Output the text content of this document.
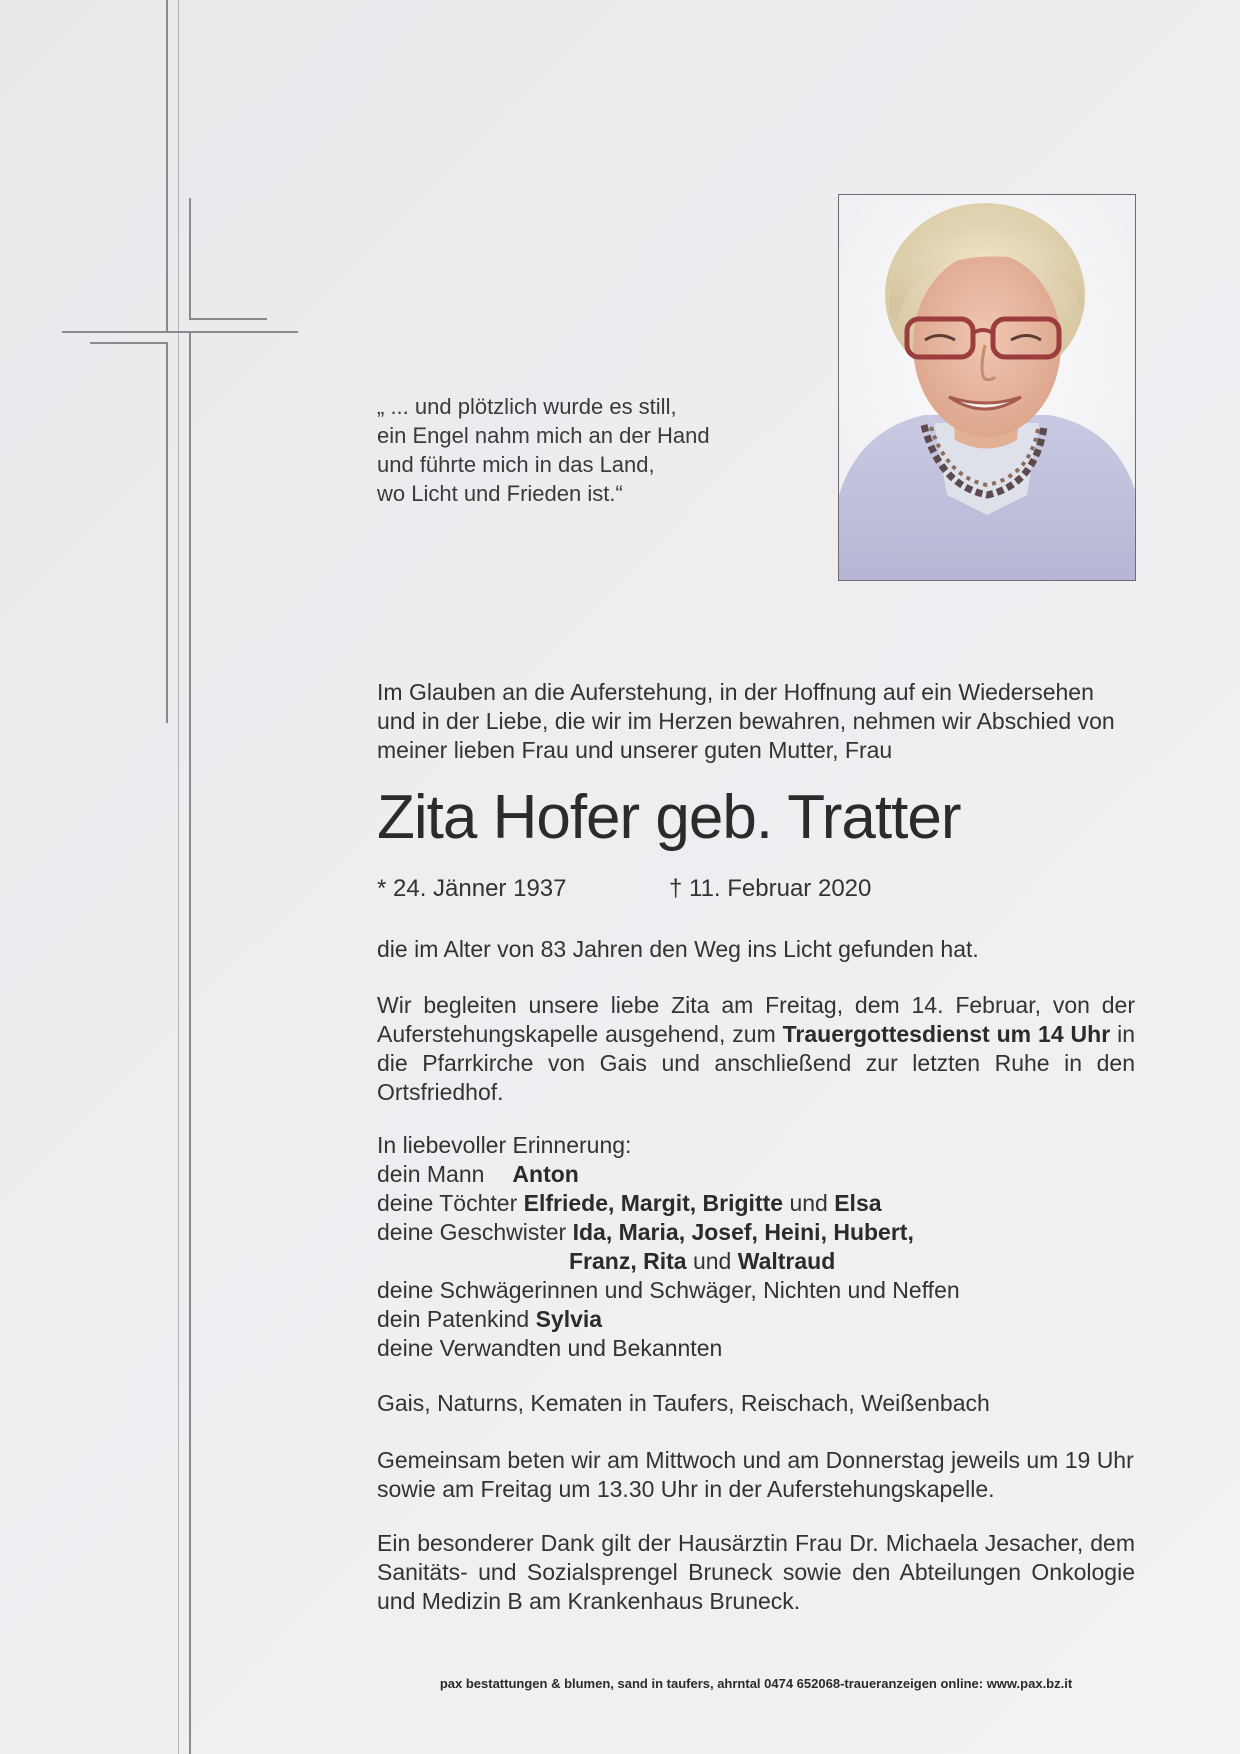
„ ... und plötzlich wurde es still,
ein Engel nahm mich an der Hand
und führte mich in das Land,
wo Licht und Frieden ist.“
Im Glauben an die Auferstehung, in der Hoffnung auf ein Wiedersehen und in der Liebe, die wir im Herzen bewahren, nehmen wir Abschied von meiner lieben Frau und unserer guten Mutter, Frau
Zita Hofer geb. Tratter
* 24. Jänner 1937	† 11. Februar 2020
die im Alter von 83 Jahren den Weg ins Licht gefunden hat.
Wir begleiten unsere liebe Zita am Freitag, dem 14. Februar, von der Auferstehungskapelle ausgehend, zum Trauergottesdienst um 14 Uhr in die Pfarrkirche von Gais und anschließend zur letzten Ruhe in den Ortsfriedhof.
In liebevoller Erinnerung:
dein Mann Anton
deine Töchter Elfriede, Margit, Brigitte und Elsa
deine Geschwister Ida, Maria, Josef, Heini, Hubert,
Franz, Rita und Waltraud
deine Schwägerinnen und Schwäger, Nichten und Neffen
dein Patenkind Sylvia
deine Verwandten und Bekannten
Gais, Naturns, Kematen in Taufers, Reischach, Weißenbach
Gemeinsam beten wir am Mittwoch und am Donnerstag jeweils um 19 Uhr sowie am Freitag um 13.30 Uhr in der Auferstehungskapelle.
Ein besonderer Dank gilt der Hausärztin Frau Dr. Michaela Jesacher, dem Sanitäts- und Sozialsprengel Bruneck sowie den Abteilungen Onkologie und Medizin B am Krankenhaus Bruneck.
pax bestattungen & blumen, sand in taufers, ahrntal 0474 652068-traueranzeigen online: www.pax.bz.it
